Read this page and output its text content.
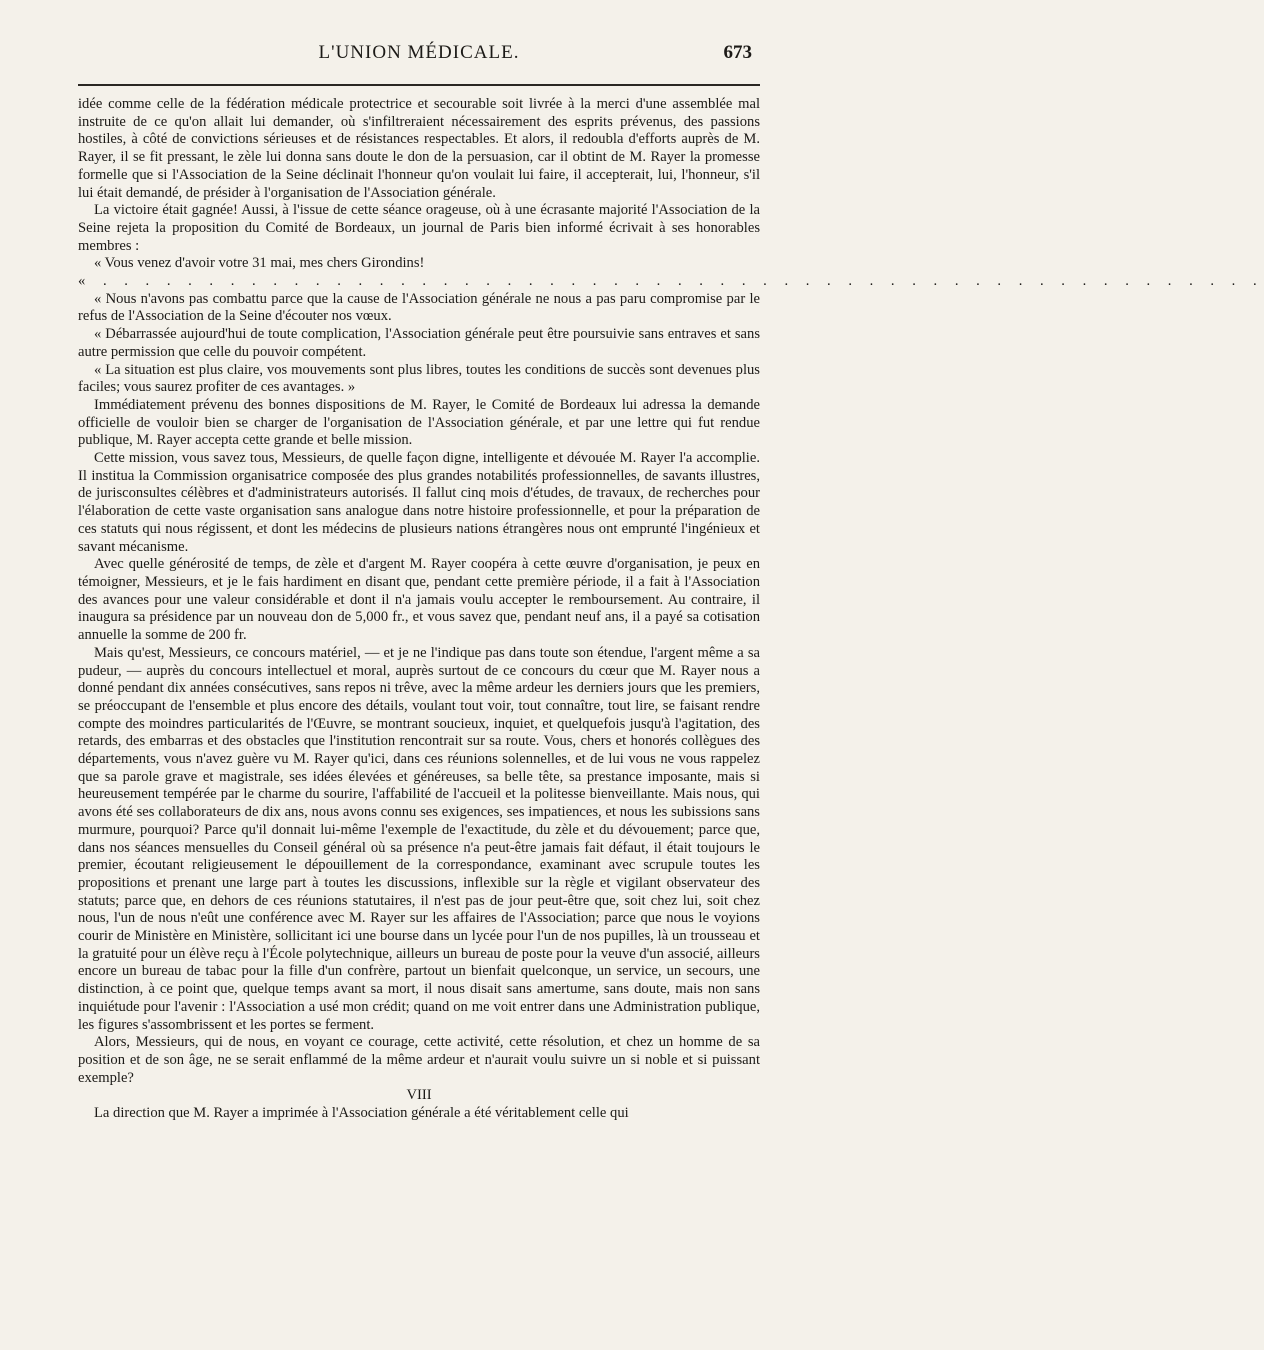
L'UNION MÉDICALE.	673

idée comme celle de la fédération médicale protectrice et secourable soit livrée à la merci d'une assemblée mal instruite de ce qu'on allait lui demander, où s'infiltreraient nécessairement des esprits prévenus, des passions hostiles, à côté de convictions sérieuses et de résistances respectables. Et alors, il redoubla d'efforts auprès de M. Rayer, il se fit pressant, le zèle lui donna sans doute le don de la persuasion, car il obtint de M. Rayer la promesse formelle que si l'Association de la Seine déclinait l'honneur qu'on voulait lui faire, il accepterait, lui, l'honneur, s'il lui était demandé, de présider à l'organisation de l'Association générale.

La victoire était gagnée! Aussi, à l'issue de cette séance orageuse, où à une écrasante majorité l'Association de la Seine rejeta la proposition du Comité de Bordeaux, un journal de Paris bien informé écrivait à ses honorables membres :

« Vous venez d'avoir votre 31 mai, mes chers Girondins!

« . . . . . . . . . . . . . . . . . . . . . . . . . . . . . . . . . . . . . . . . . . . . . . . . . . . . . . .

« Nous n'avons pas combattu parce que la cause de l'Association générale ne nous a pas paru compromise par le refus de l'Association de la Seine d'écouter nos vœux.

« Débarrassée aujourd'hui de toute complication, l'Association générale peut être poursuivie sans entraves et sans autre permission que celle du pouvoir compétent.

« La situation est plus claire, vos mouvements sont plus libres, toutes les conditions de succès sont devenues plus faciles; vous saurez profiter de ces avantages. »

Immédiatement prévenu des bonnes dispositions de M. Rayer, le Comité de Bordeaux lui adressa la demande officielle de vouloir bien se charger de l'organisation de l'Association générale, et par une lettre qui fut rendue publique, M. Rayer accepta cette grande et belle mission.

Cette mission, vous savez tous, Messieurs, de quelle façon digne, intelligente et dévouée M. Rayer l'a accomplie. Il institua la Commission organisatrice composée des plus grandes notabilités professionnelles, de savants illustres, de jurisconsultes célèbres et d'administrateurs autorisés. Il fallut cinq mois d'études, de travaux, de recherches pour l'élaboration de cette vaste organisation sans analogue dans notre histoire professionnelle, et pour la préparation de ces statuts qui nous régissent, et dont les médecins de plusieurs nations étrangères nous ont emprunté l'ingénieux et savant mécanisme.

Avec quelle générosité de temps, de zèle et d'argent M. Rayer coopéra à cette œuvre d'organisation, je peux en témoigner, Messieurs, et je le fais hardiment en disant que, pendant cette première période, il a fait à l'Association des avances pour une valeur considérable et dont il n'a jamais voulu accepter le remboursement. Au contraire, il inaugura sa présidence par un nouveau don de 5,000 fr., et vous savez que, pendant neuf ans, il a payé sa cotisation annuelle la somme de 200 fr.

Mais qu'est, Messieurs, ce concours matériel, — et je ne l'indique pas dans toute son étendue, l'argent même a sa pudeur, — auprès du concours intellectuel et moral, auprès surtout de ce concours du cœur que M. Rayer nous a donné pendant dix années consécutives, sans repos ni trêve, avec la même ardeur les derniers jours que les premiers, se préoccupant de l'ensemble et plus encore des détails, voulant tout voir, tout connaître, tout lire, se faisant rendre compte des moindres particularités de l'Œuvre, se montrant soucieux, inquiet, et quelquefois jusqu'à l'agitation, des retards, des embarras et des obstacles que l'institution rencontrait sur sa route. Vous, chers et honorés collègues des départements, vous n'avez guère vu M. Rayer qu'ici, dans ces réunions solennelles, et de lui vous ne vous rappelez que sa parole grave et magistrale, ses idées élevées et généreuses, sa belle tête, sa prestance imposante, mais si heureusement tempérée par le charme du sourire, l'affabilité de l'accueil et la politesse bienveillante. Mais nous, qui avons été ses collaborateurs de dix ans, nous avons connu ses exigences, ses impatiences, et nous les subissions sans murmure, pourquoi? Parce qu'il donnait lui-même l'exemple de l'exactitude, du zèle et du dévouement; parce que, dans nos séances mensuelles du Conseil général où sa présence n'a peut-être jamais fait défaut, il était toujours le premier, écoutant religieusement le dépouillement de la correspondance, examinant avec scrupule toutes les propositions et prenant une large part à toutes les discussions, inflexible sur la règle et vigilant observateur des statuts; parce que, en dehors de ces réunions statutaires, il n'est pas de jour peut-être que, soit chez lui, soit chez nous, l'un de nous n'eût une conférence avec M. Rayer sur les affaires de l'Association; parce que nous le voyions courir de Ministère en Ministère, sollicitant ici une bourse dans un lycée pour l'un de nos pupilles, là un trousseau et la gratuité pour un élève reçu à l'École polytechnique, ailleurs un bureau de poste pour la veuve d'un associé, ailleurs encore un bureau de tabac pour la fille d'un confrère, partout un bienfait quelconque, un service, un secours, une distinction, à ce point que, quelque temps avant sa mort, il nous disait sans amertume, sans doute, mais non sans inquiétude pour l'avenir : l'Association a usé mon crédit; quand on me voit entrer dans une Administration publique, les figures s'assombrissent et les portes se ferment.

Alors, Messieurs, qui de nous, en voyant ce courage, cette activité, cette résolution, et chez un homme de sa position et de son âge, ne se serait enflammé de la même ardeur et n'aurait voulu suivre un si noble et si puissant exemple?

VIII

La direction que M. Rayer a imprimée à l'Association générale a été véritablement celle qui
